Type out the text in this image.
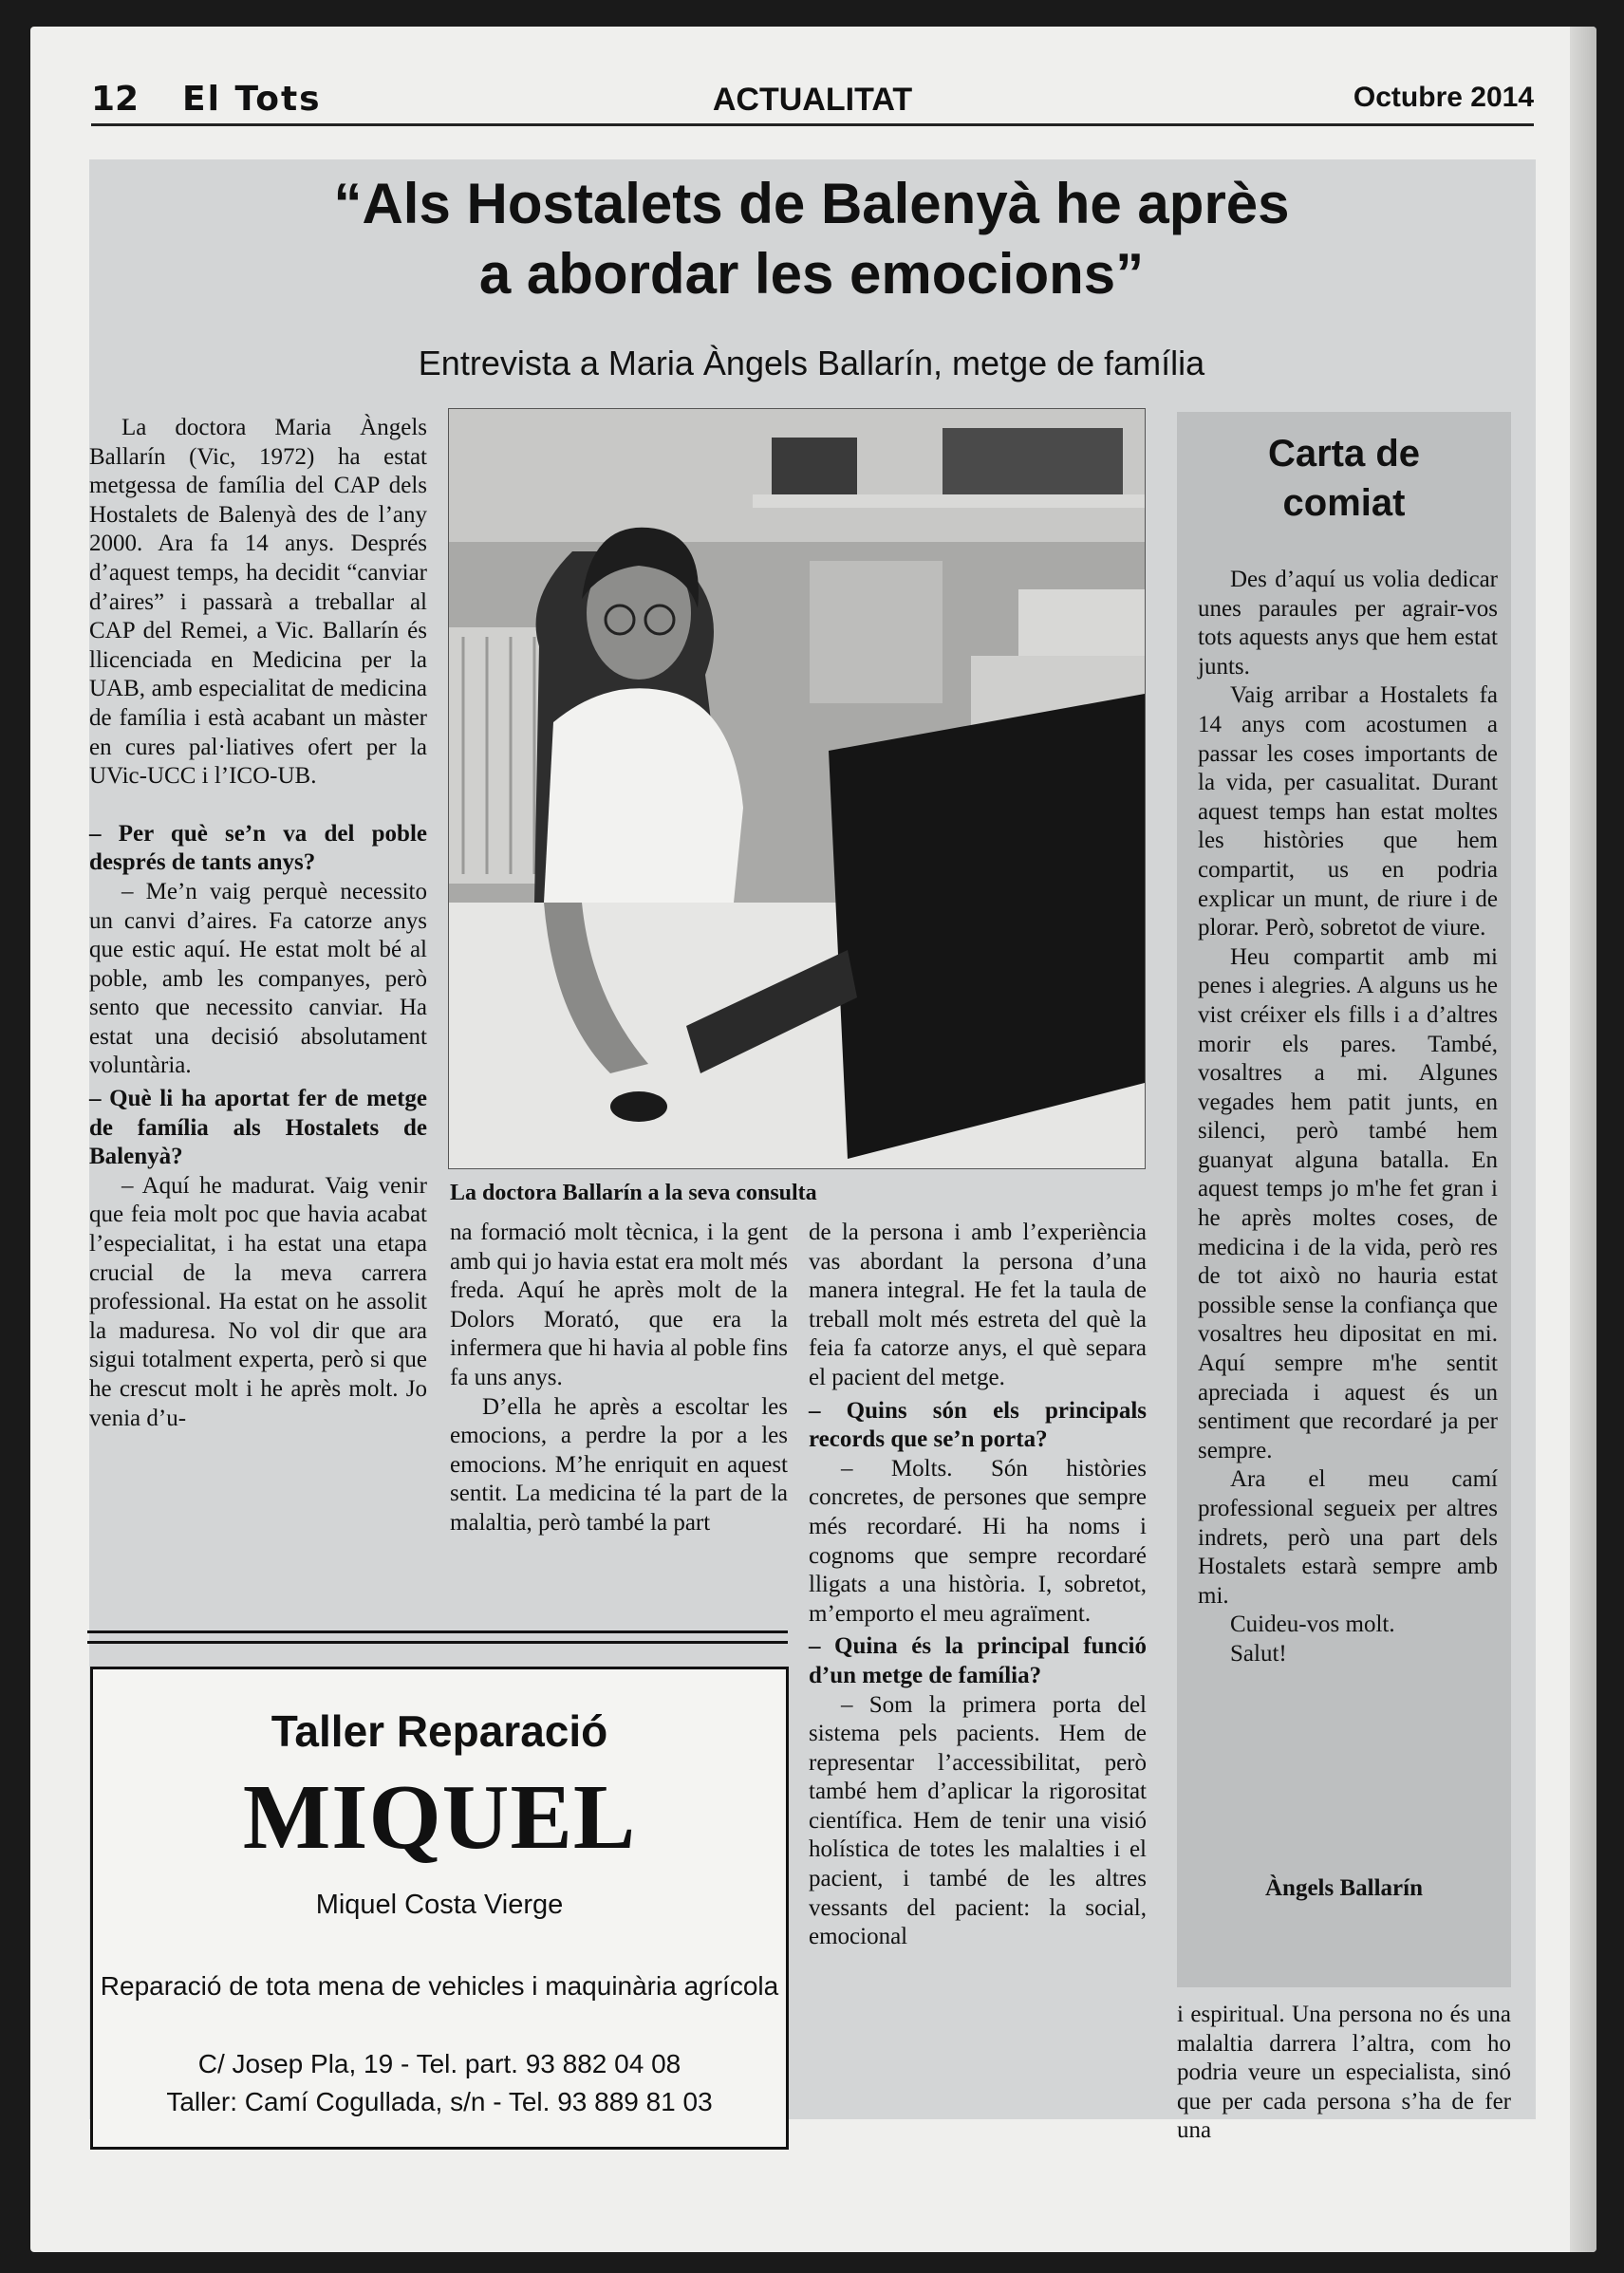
12 El Tots	ACTUALITAT	Octubre 2014
“Als Hostalets de Balenyà he après
a abordar les emocions”
Entrevista a Maria Àngels Ballarín, metge de família

La doctora Maria Àngels Ballarín (Vic, 1972) ha estat metgessa de família del CAP dels Hostalets de Balenyà des de l’any 2000. Ara fa 14 anys. Després d’aquest temps, ha decidit “canviar d’aires” i passarà a treballar al CAP del Remei, a Vic. Ballarín és llicenciada en Medicina per la UAB, amb especialitat de medicina de família i està acabant un màster en cures pal·liatives ofert per la UVic-UCC i l’ICO-UB.

– Per què se’n va del poble després de tants anys?

– Me’n vaig perquè necessito un canvi d’aires. Fa catorze anys que estic aquí. He estat molt bé al poble, amb les companyes, però sento que necessito canviar. Ha estat una decisió absolutament voluntària.

– Què li ha aportat fer de metge de família als Hostalets de Balenyà?

– Aquí he madurat. Vaig venir que feia molt poc que havia acabat l’especialitat, i ha estat una etapa crucial de la meva carrera professional. Ha estat on he assolit la maduresa. No vol dir que ara sigui totalment experta, però si que he crescut molt i he après molt. Jo venia d’u-

La doctora Ballarín a la seva consulta

na formació molt tècnica, i la gent amb qui jo havia estat era molt més freda. Aquí he après molt de la Dolors Morató, que era la infermera que hi havia al poble fins fa uns anys.

D’ella he après a escoltar les emocions, a perdre la por a les emocions. M’he enriquit en aquest sentit. La medicina té la part de la malaltia, però també la part

de la persona i amb l’experiència vas abordant la persona d’una manera integral. He fet la taula de treball molt més estreta del què la feia fa catorze anys, el què separa el pacient del metge.

– Quins són els principals records que se’n porta?

– Molts. Són històries concretes, de persones que sempre més recordaré. Hi ha noms i cognoms que sempre recordaré lligats a una història. I, sobretot, m’emporto el meu agraïment.

– Quina és la principal funció d’un metge de família?

– Som la primera porta del sistema pels pacients. Hem de representar l’accessibilitat, però també hem d’aplicar la rigorositat científica. Hem de tenir una visió holística de totes les malalties i el pacient, i també de les altres vessants del pacient: la social, emocional

Carta de comiat

Des d’aquí us volia dedicar unes paraules per agrair-vos tots aquests anys que hem estat junts.

Vaig arribar a Hostalets fa 14 anys com acostumen a passar les coses importants de la vida, per casualitat. Durant aquest temps han estat moltes les històries que hem compartit, us en podria explicar un munt, de riure i de plorar. Però, sobretot de viure.

Heu compartit amb mi penes i alegries. A alguns us he vist créixer els fills i a d’altres morir els pares. També, vosaltres a mi. Algunes vegades hem patit junts, en silenci, però també hem guanyat alguna batalla. En aquest temps jo m'he fet gran i he après moltes coses, de medicina i de la vida, però res de tot això no hauria estat possible sense la confiança que vosaltres heu dipositat en mi. Aquí sempre m'he sentit apreciada i aquest és un sentiment que recordaré ja per sempre.

Ara el meu camí professional segueix per altres indrets, però una part dels Hostalets estarà sempre amb mi.

Cuideu-vos molt.

Salut!

Àngels Ballarín

i espiritual. Una persona no és una malaltia darrera l’altra, com ho podria veure un especialista, sinó que per cada persona s’ha de fer una

Taller Reparació
MIQUEL
Miquel Costa Vierge
Reparació de tota mena de vehicles i maquinària agrícola
C/ Josep Pla, 19 - Tel. part. 93 882 04 08
Taller: Camí Cogullada, s/n - Tel. 93 889 81 03
